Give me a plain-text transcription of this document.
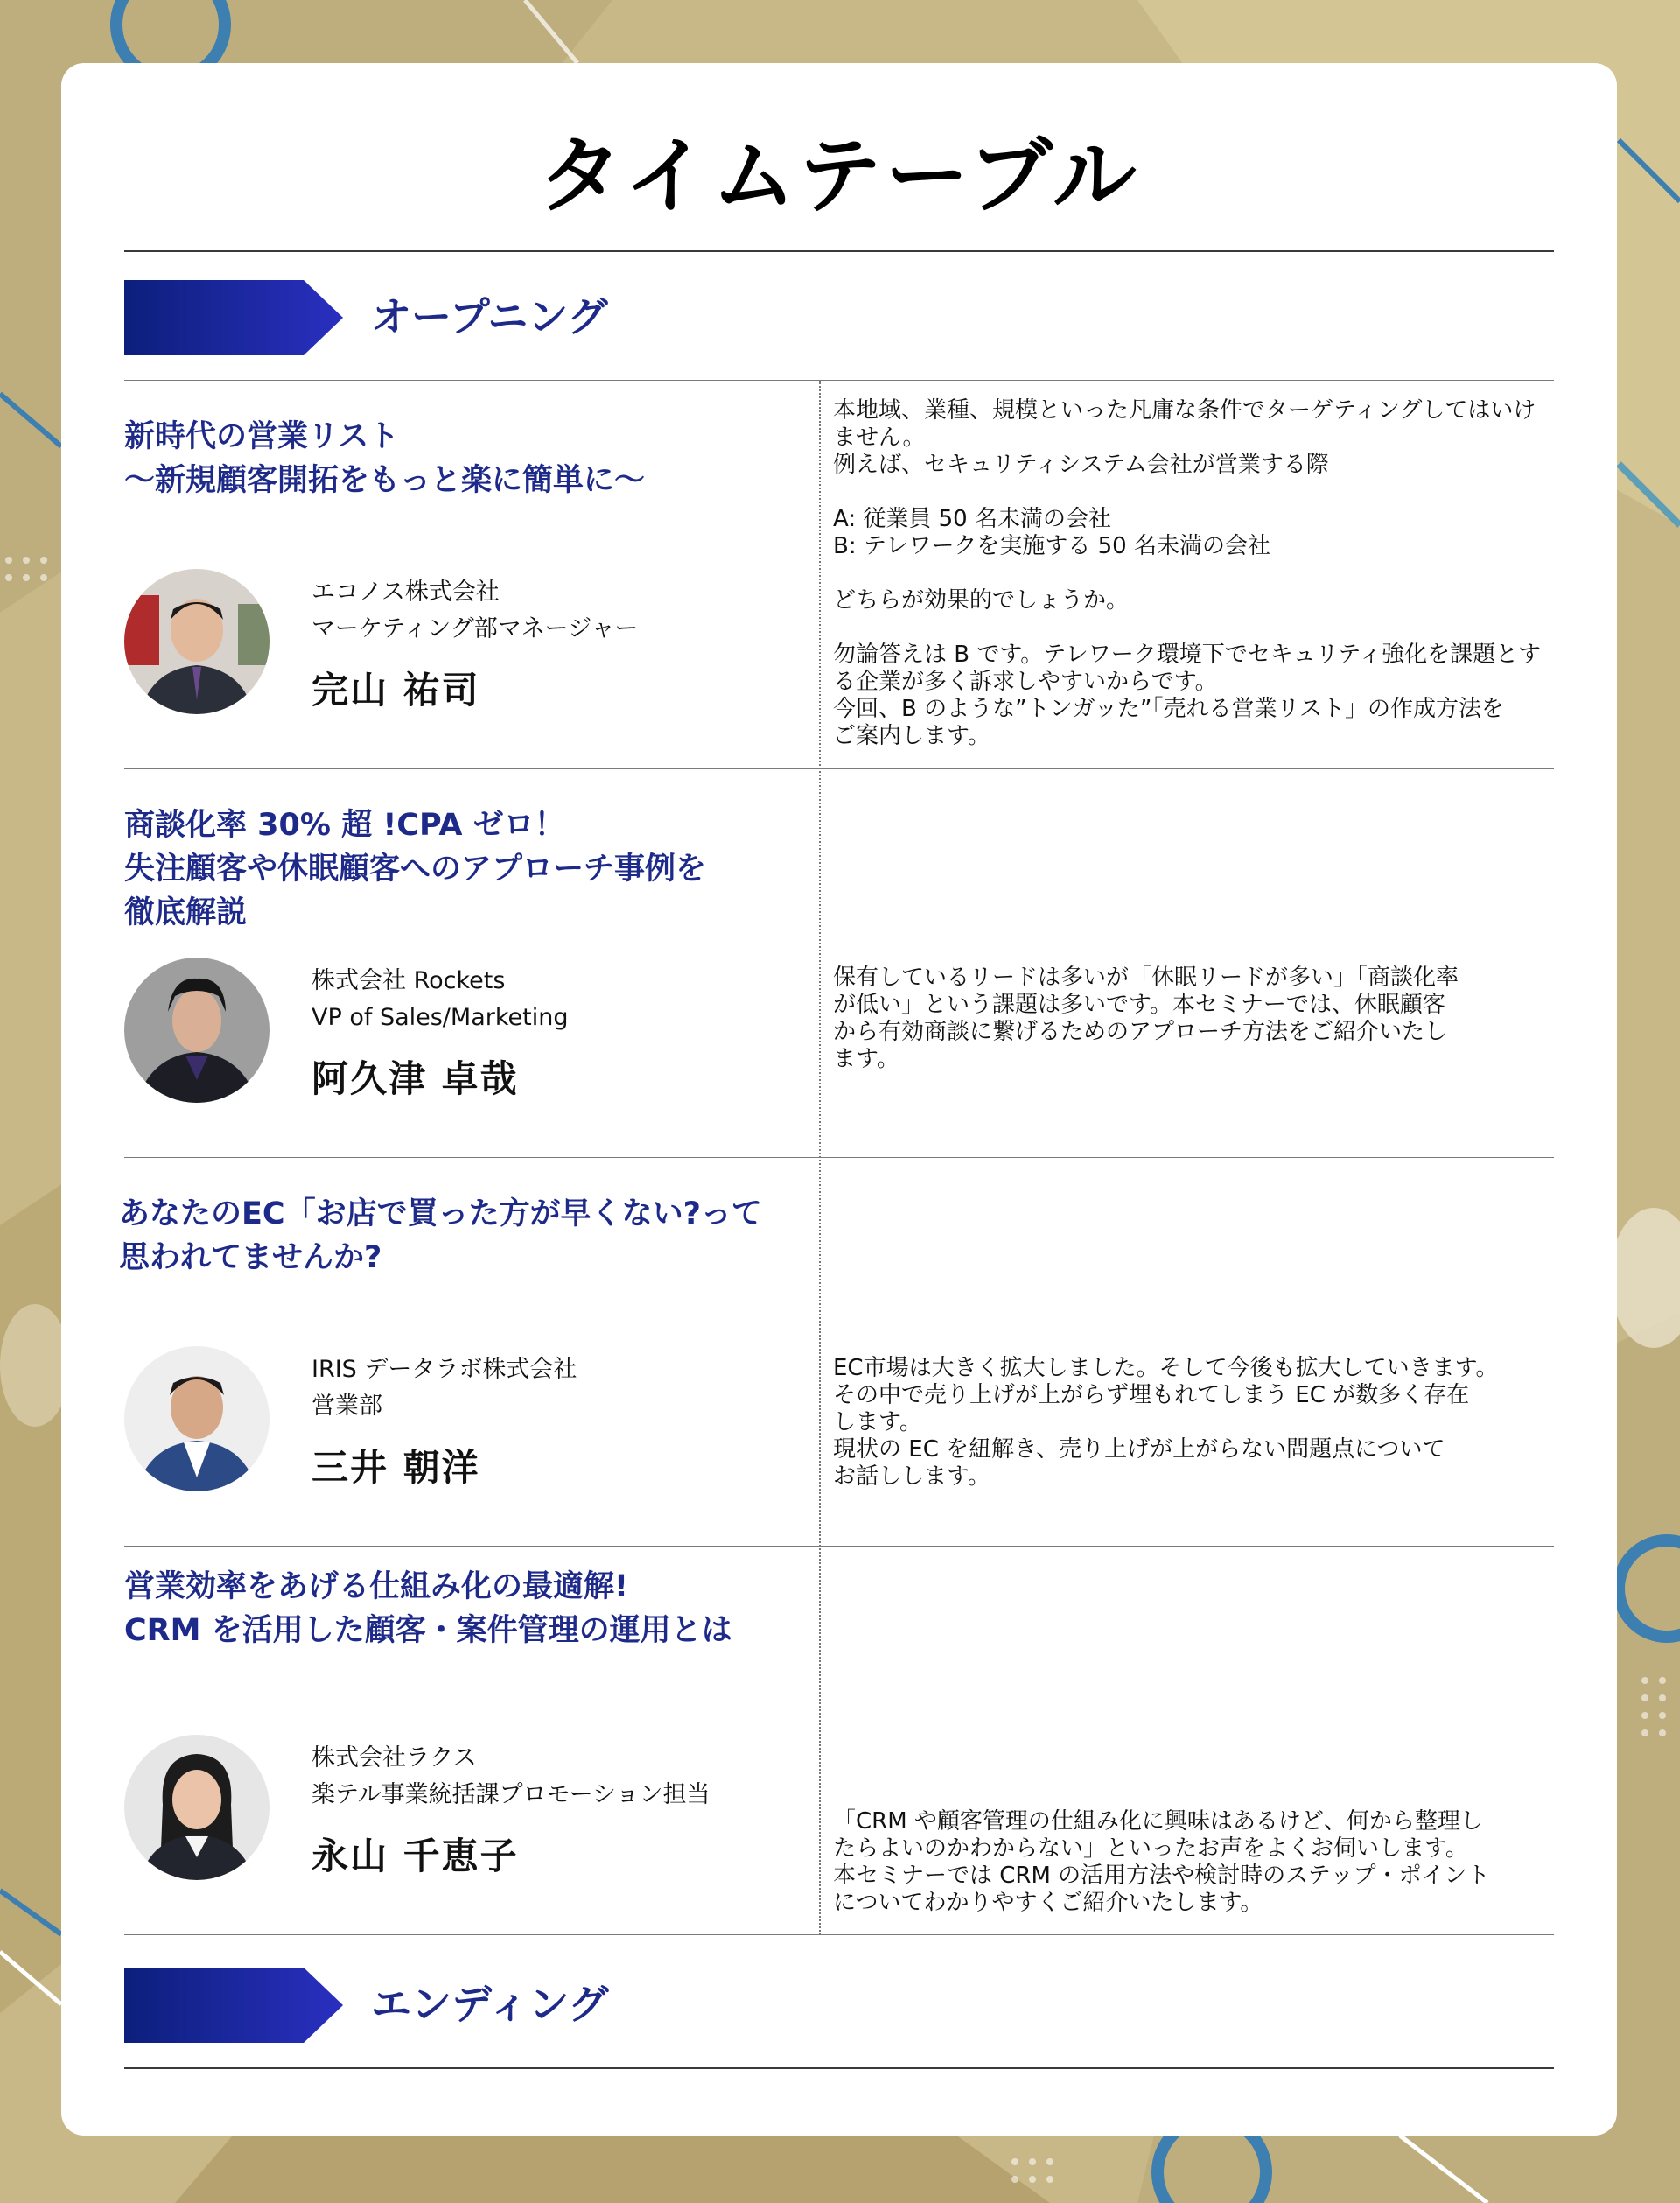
タイムテーブル
オープニング
新時代の営業リスト
～新規顧客開拓をもっと楽に簡単に～
エコノス株式会社
マーケティング部マネージャー
完山 祐司
本地域、業種、規模といった凡庸な条件でターゲティングしてはいけ
ません。
例えば、セキュリティシステム会社が営業する際
A: 従業員 50 名未満の会社
B: テレワークを実施する 50 名未満の会社
どちらが効果的でしょうか。
勿論答えは B です。テレワーク環境下でセキュリティ強化を課題とす
る企業が多く訴求しやすいからです。
今回、B のような”トンガッた”「売れる営業リスト」の作成方法を
ご案内します。
商談化率 30% 超 !CPA ゼロ！
失注顧客や休眠顧客へのアプローチ事例を
徹底解説
株式会社 Rockets
VP of Sales/Marketing
阿久津 卓哉
保有しているリードは多いが「休眠リードが多い」「商談化率
が低い」という課題は多いです。本セミナーでは、休眠顧客
から有効商談に繋げるためのアプローチ方法をご紹介いたし
ます。
あなたのEC「お店で買った方が早くない?って
思われてませんか?
IRIS データラボ株式会社
営業部
三井 朝洋
EC市場は大きく拡大しました。そして今後も拡大していきます。
その中で売り上げが上がらず埋もれてしまう EC が数多く存在
します。
現状の EC を紐解き、売り上げが上がらない問題点について
お話しします。
営業効率をあげる仕組み化の最適解!
CRM を活用した顧客・案件管理の運用とは
株式会社ラクス
楽テル事業統括課プロモーション担当
永山 千恵子
「CRM や顧客管理の仕組み化に興味はあるけど、何から整理し
たらよいのかわからない」といったお声をよくお伺いします。
本セミナーでは CRM の活用方法や検討時のステップ・ポイント
についてわかりやすくご紹介いたします。
エンディング
